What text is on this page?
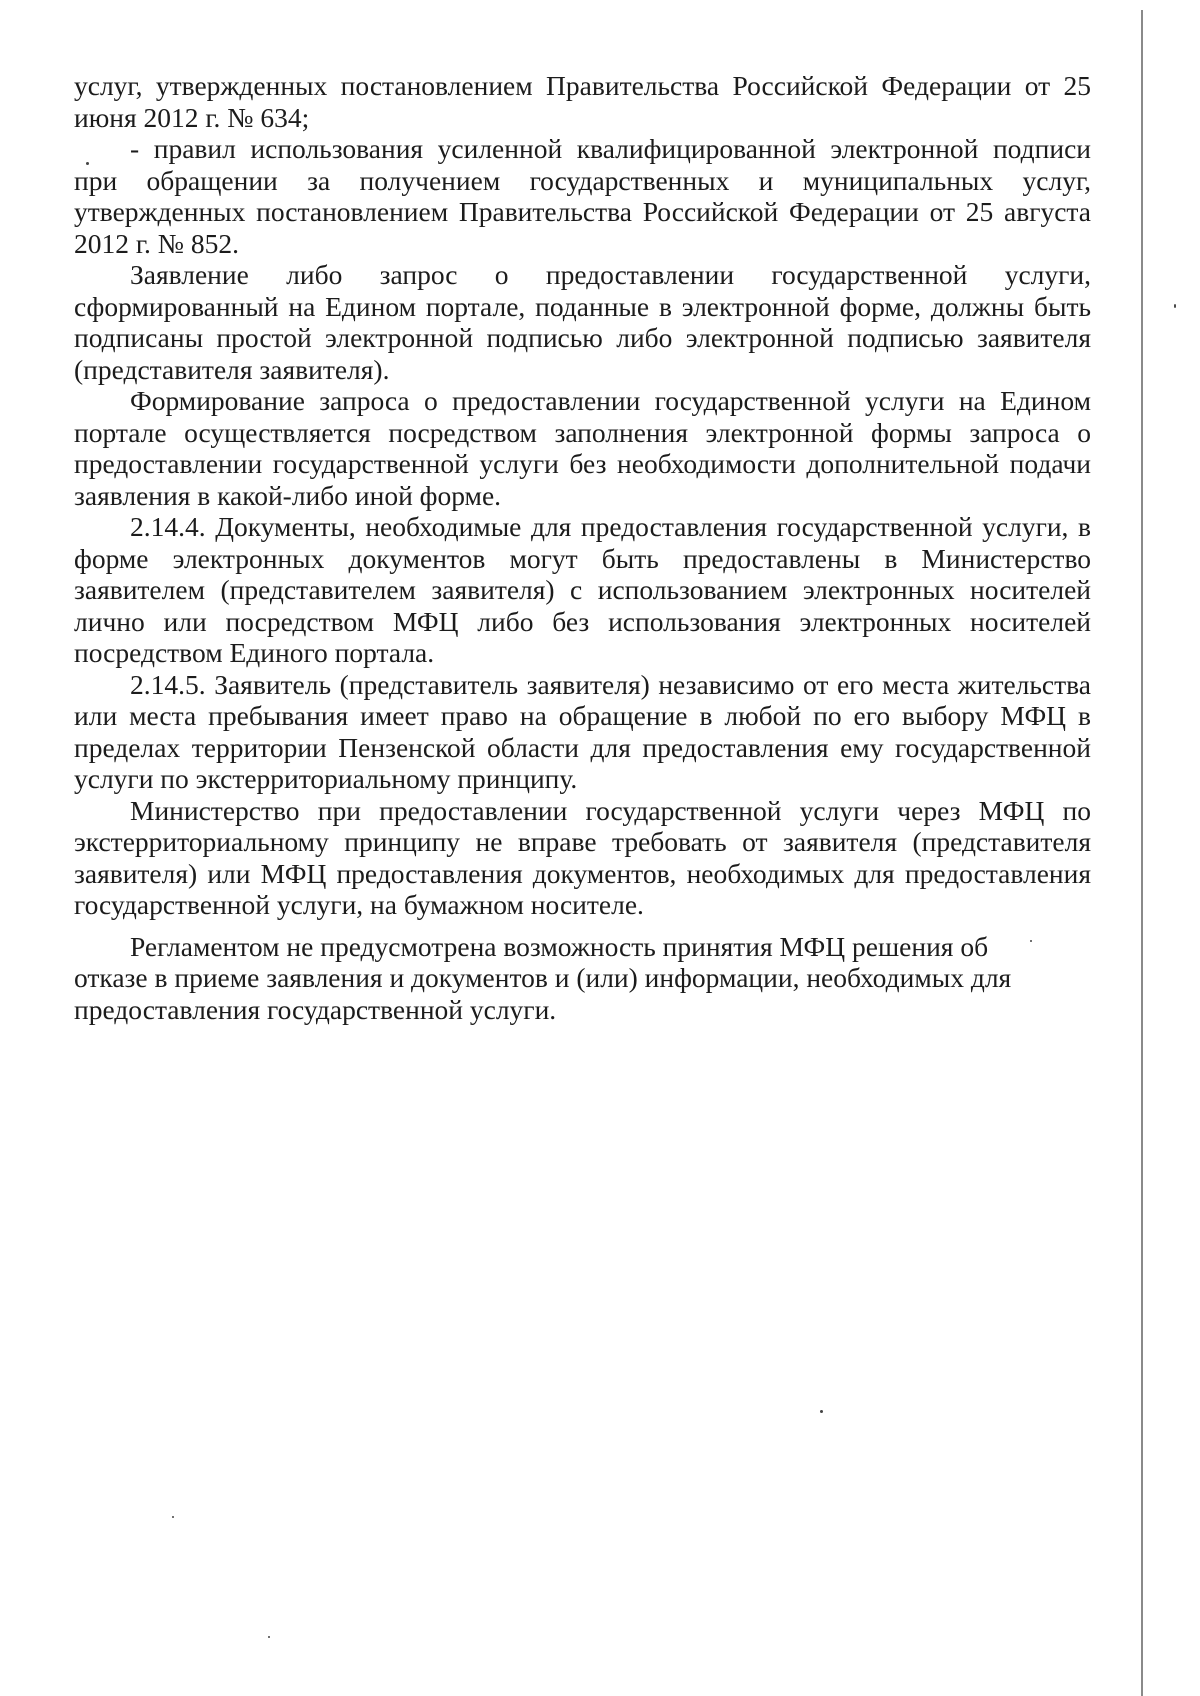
услуг, утвержденных постановлением Правительства Российской Федерации от 25 июня 2012 г. № 634;

- правил использования усиленной квалифицированной электронной подписи при обращении за получением государственных и муниципальных услуг, утвержденных постановлением Правительства Российской Федерации от 25 августа 2012 г. № 852.

Заявление либо запрос о предоставлении государственной услуги, сформированный на Едином портале, поданные в электронной форме, должны быть подписаны простой электронной подписью либо электронной подписью заявителя (представителя заявителя).

Формирование запроса о предоставлении государственной услуги на Едином портале осуществляется посредством заполнения электронной формы запроса о предоставлении государственной услуги без необходимости дополнительной подачи заявления в какой-либо иной форме.

2.14.4. Документы, необходимые для предоставления государственной услуги, в форме электронных документов могут быть предоставлены в Министерство заявителем (представителем заявителя) с использованием электронных носителей лично или посредством МФЦ либо без использования электронных носителей посредством Единого портала.

2.14.5. Заявитель (представитель заявителя) независимо от его места жительства или места пребывания имеет право на обращение в любой по его выбору МФЦ в пределах территории Пензенской области для предоставления ему государственной услуги по экстерриториальному принципу.

Министерство при предоставлении государственной услуги через МФЦ по экстерриториальному принципу не вправе требовать от заявителя (представителя заявителя) или МФЦ предоставления документов, необходимых для предоставления государственной услуги, на бумажном носителе.

Регламентом не предусмотрена возможность принятия МФЦ решения об отказе в приеме заявления и документов и (или) информации, необходимых для предоставления государственной услуги.
